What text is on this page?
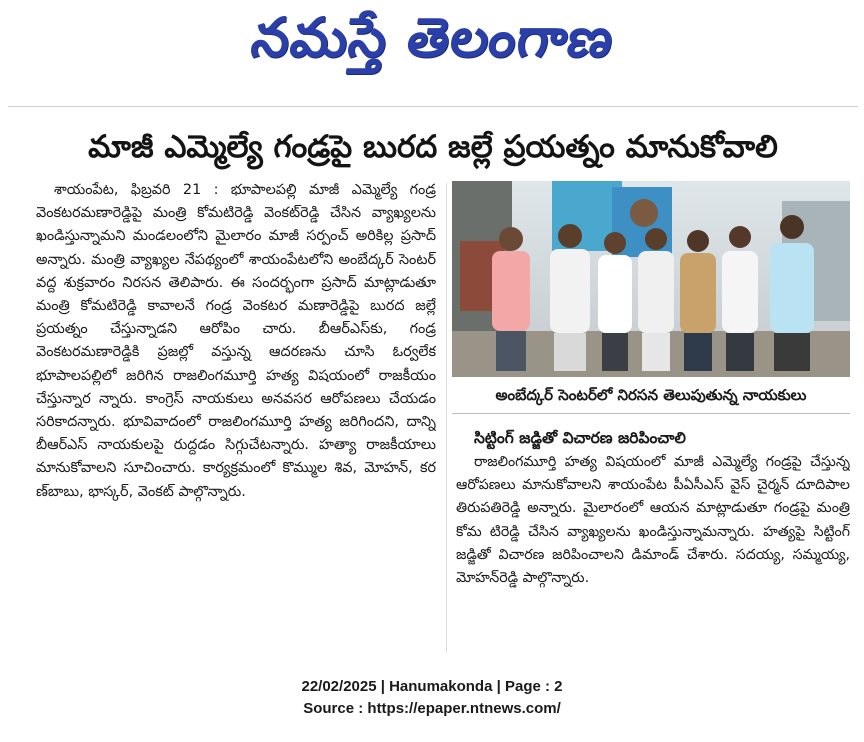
నమస్తే తెలంగాణ
మాజీ ఎమ్మెల్యే గండ్రపై బురద జల్లే ప్రయత్నం మానుకోవాలి

శాయంపేట, ఫిబ్రవరి 21 : భూపాలపల్లి మాజీ ఎమ్మెల్యే గండ్ర వెంకటరమణారెడ్డిపై మంత్రి కోమటిరెడ్డి వెంకట్‌రెడ్డి చేసిన వ్యాఖ్యలను ఖండిస్తున్నామని మండలంలోని మైలారం మాజీ సర్పంచ్ అరికిల్ల ప్రసాద్ అన్నారు. మంత్రి వ్యాఖ్యల నేపథ్యంలో శాయంపేటలోని అంబేద్కర్ సెంటర్ వద్ద శుక్రవారం నిరసన తెలిపారు. ఈ సందర్భంగా ప్రసాద్ మాట్లాడుతూ మంత్రి కోమటిరెడ్డి కావాలనే గండ్ర వెంకటర మణారెడ్డిపై బురద జల్లే ప్రయత్నం చేస్తున్నాడని ఆరోపిం చారు. బీఆర్‌ఎస్‌కు, గండ్ర వెంకటరమణారెడ్డికి ప్రజల్లో వస్తున్న ఆదరణను చూసి ఓర్వలేక భూపాలపల్లిలో జరిగిన రాజలింగమూర్తి హత్య విషయంలో రాజకీయం చేస్తున్నార న్నారు. కాంగ్రెస్ నాయకులు అనవసర ఆరోపణలు చేయడం సరికాదన్నారు. భూవివాదంలో రాజలింగమూర్తి హత్య జరిగిందని, దాన్ని బీఆర్‌ఎస్ నాయకులపై రుద్దడం సిగ్గుచేటన్నారు. హత్యా రాజకీయాలు మానుకోవాలని సూచించారు. కార్యక్రమంలో కొమ్ముల శివ, మోహన్, కర ణ్‌బాబు, భాస్కర్, వెంకట్ పాల్గొన్నారు.

అంబేద్కర్ సెంటర్‌లో నిరసన తెలుపుతున్న నాయకులు
సిట్టింగ్ జడ్జితో విచారణ జరిపించాలి

రాజలింగమూర్తి హత్య విషయంలో మాజీ ఎమ్మెల్యే గండ్రపై చేస్తున్న ఆరోపణలు మానుకోవాలని శాయంపేట పీఏసీఎస్ వైస్ చైర్మన్ దూదిపాల తిరుపతిరెడ్డి అన్నారు. మైలారంలో ఆయన మాట్లాడుతూ గండ్రపై మంత్రి కోమ టిరెడ్డి చేసిన వ్యాఖ్యలను ఖండిస్తున్నామన్నారు. హత్యపై సిట్టింగ్ జడ్జితో విచారణ జరిపించాలని డిమాండ్ చేశారు. సదయ్య, సమ్మయ్య, మోహన్‌రెడ్డి పాల్గొన్నారు.

22/02/2025 | Hanumakonda | Page : 2
Source : https://epaper.ntnews.com/
